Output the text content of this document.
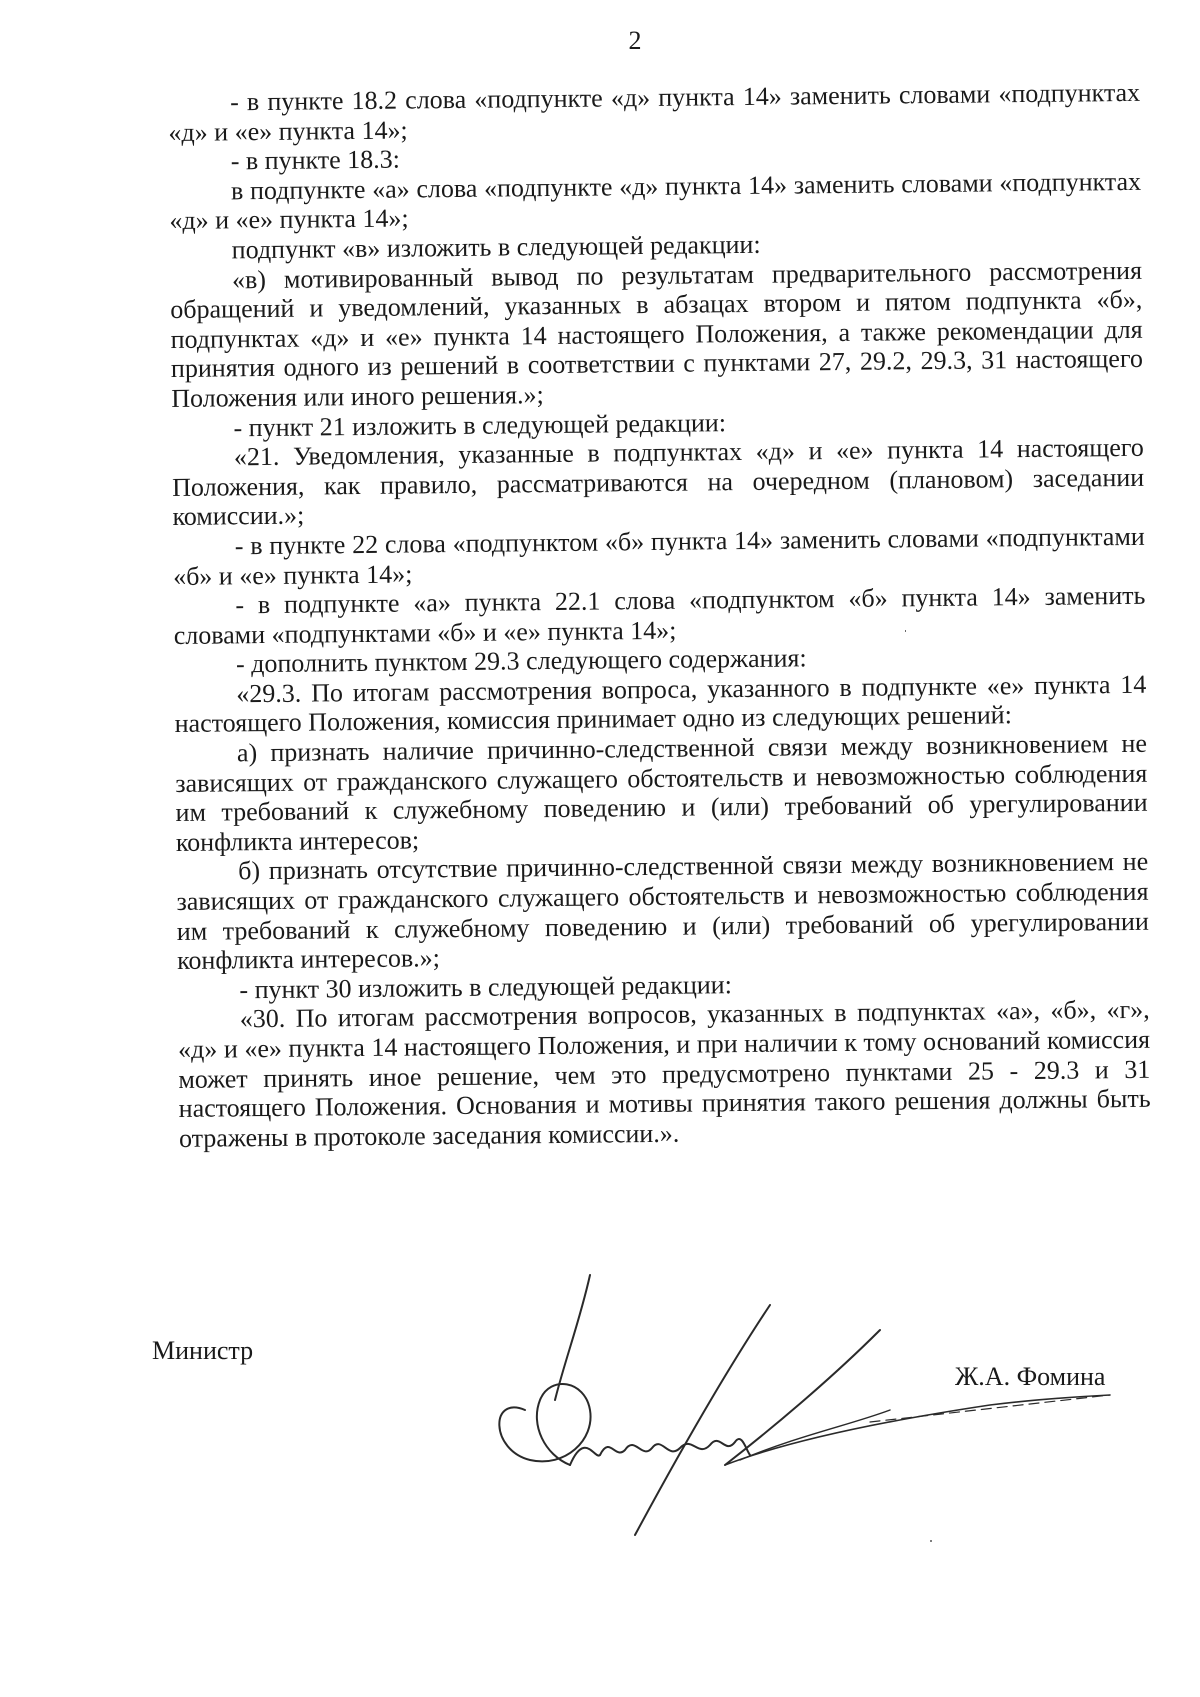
2

- в пункте 18.2 слова «подпункте «д» пункта 14» заменить словами «подпунктах «д» и «е» пункта 14»;

- в пункте 18.3:

в подпункте «а» слова «подпункте «д» пункта 14» заменить словами «подпунктах «д» и «е» пункта 14»;

подпункт «в» изложить в следующей редакции:

«в) мотивированный вывод по результатам предварительного рассмотрения обращений и уведомлений, указанных в абзацах втором и пятом подпункта «б», подпунктах «д» и «е» пункта 14 настоящего Положения, а также рекомендации для принятия одного из решений в соответствии с пунктами 27, 29.2, 29.3, 31 настоящего Положения или иного решения.»;

- пункт 21 изложить в следующей редакции:

«21. Уведомления, указанные в подпунктах «д» и «е» пункта 14 настоящего Положения, как правило, рассматриваются на очередном (плановом) заседании комиссии.»;

- в пункте 22 слова «подпунктом «б» пункта 14» заменить словами «подпунктами «б» и «е» пункта 14»;

- в подпункте «а» пункта 22.1 слова «подпунктом «б» пункта 14» заменить словами «подпунктами «б» и «е» пункта 14»;

- дополнить пунктом 29.3 следующего содержания:

«29.3. По итогам рассмотрения вопроса, указанного в подпункте «е» пункта 14 настоящего Положения, комиссия принимает одно из следующих решений:

а) признать наличие причинно-следственной связи между возникновением не зависящих от гражданского служащего обстоятельств и невозможностью соблюдения им требований к служебному поведению и (или) требований об урегулировании конфликта интересов;

б) признать отсутствие причинно-следственной связи между возникновением не зависящих от гражданского служащего обстоятельств и невозможностью соблюдения им требований к служебному поведению и (или) требований об урегулировании конфликта интересов.»;

- пункт 30 изложить в следующей редакции:

«30. По итогам рассмотрения вопросов, указанных в подпунктах «а», «б», «г», «д» и «е» пункта 14 настоящего Положения, и при наличии к тому оснований комиссия может принять иное решение, чем это предусмотрено пунктами 25 - 29.3 и 31 настоящего Положения. Основания и мотивы принятия такого решения должны быть отражены в протоколе заседания комиссии.».

Министр
Ж.А. Фомина
